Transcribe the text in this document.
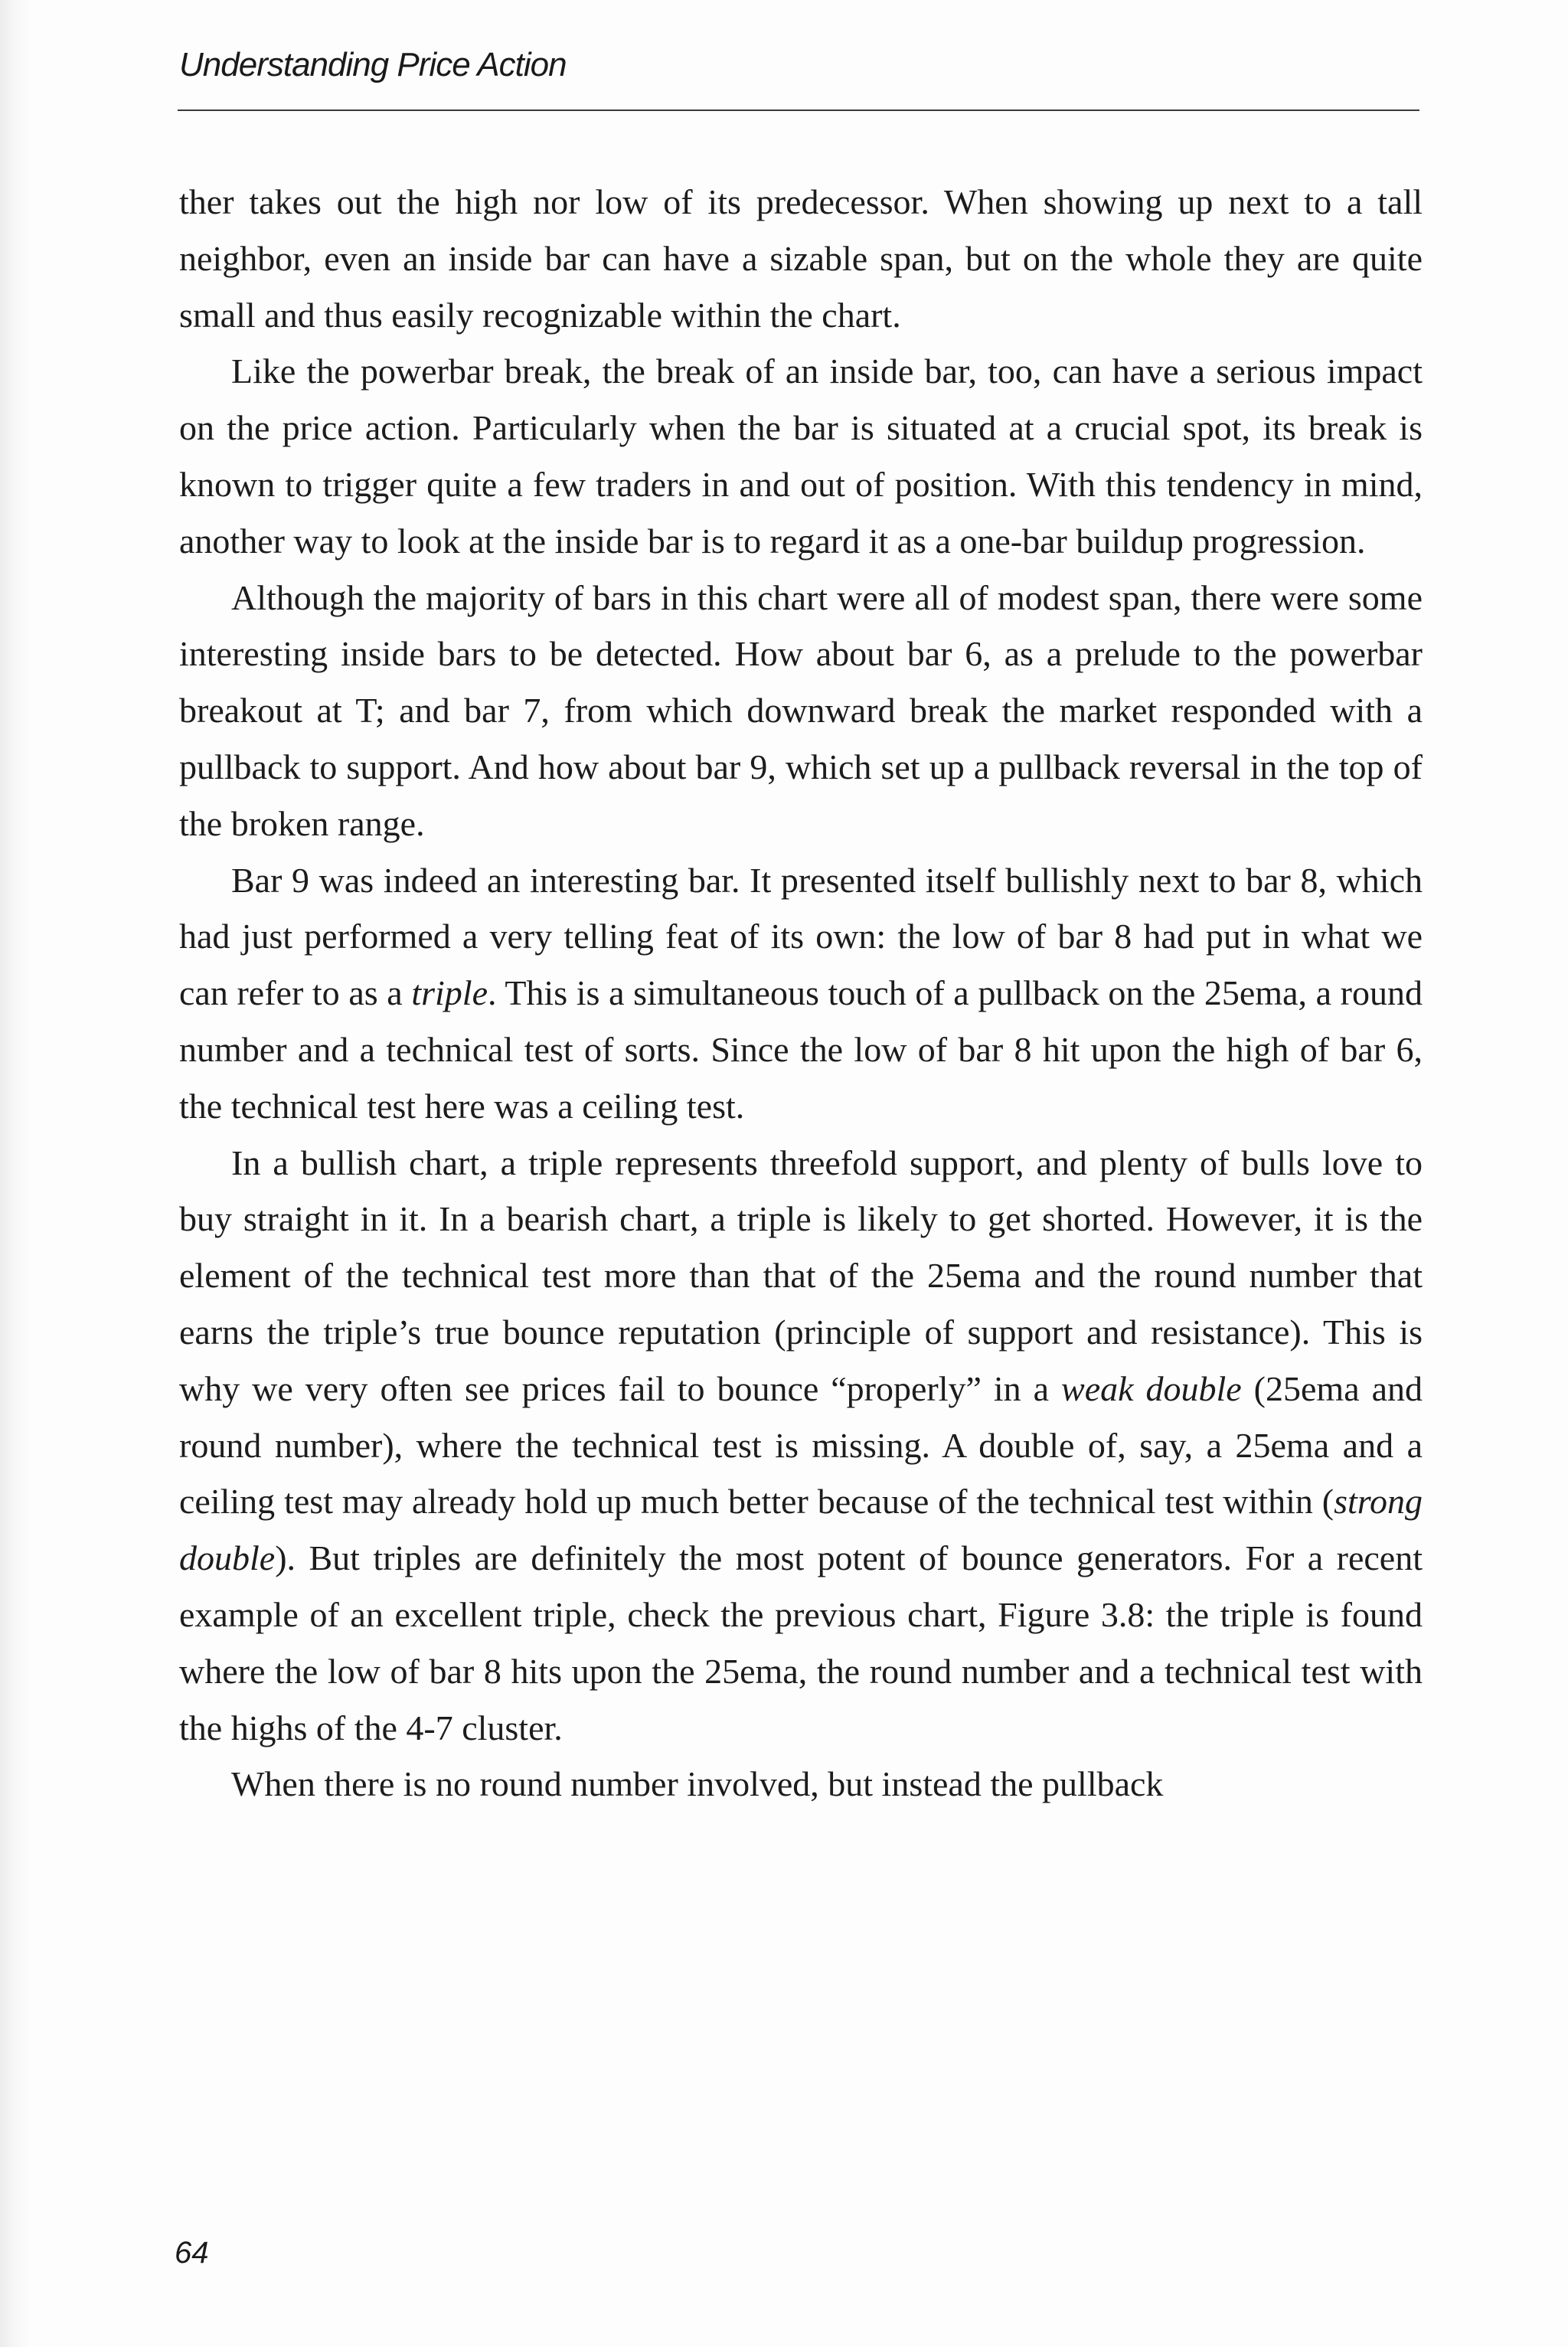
Understanding Price Action

ther takes out the high nor low of its predecessor. When showing up next to a tall neighbor, even an inside bar can have a sizable span, but on the whole they are quite small and thus easily recognizable within the chart.

Like the powerbar break, the break of an inside bar, too, can have a serious impact on the price action. Particularly when the bar is situated at a crucial spot, its break is known to trigger quite a few traders in and out of position. With this tendency in mind, another way to look at the inside bar is to regard it as a one-bar buildup progression.

Although the majority of bars in this chart were all of modest span, there were some interesting inside bars to be detected. How about bar 6, as a prelude to the powerbar breakout at T; and bar 7, from which downward break the market responded with a pullback to support. And how about bar 9, which set up a pullback reversal in the top of the broken range.

Bar 9 was indeed an interesting bar. It presented itself bullishly next to bar 8, which had just performed a very telling feat of its own: the low of bar 8 had put in what we can refer to as a triple. This is a simultaneous touch of a pullback on the 25ema, a round number and a technical test of sorts. Since the low of bar 8 hit upon the high of bar 6, the technical test here was a ceiling test.

In a bullish chart, a triple represents threefold support, and plenty of bulls love to buy straight in it. In a bearish chart, a triple is likely to get shorted. However, it is the element of the technical test more than that of the 25ema and the round number that earns the triple’s true bounce reputation (principle of support and resistance). This is why we very often see prices fail to bounce “properly” in a weak double (25ema and round number), where the technical test is missing. A double of, say, a 25ema and a ceiling test may already hold up much better because of the technical test within (strong double). But triples are definitely the most potent of bounce generators. For a recent example of an excellent triple, check the previous chart, Figure 3.8: the triple is found where the low of bar 8 hits upon the 25ema, the round number and a technical test with the highs of the 4-7 cluster.

When there is no round number involved, but instead the pullback

64
